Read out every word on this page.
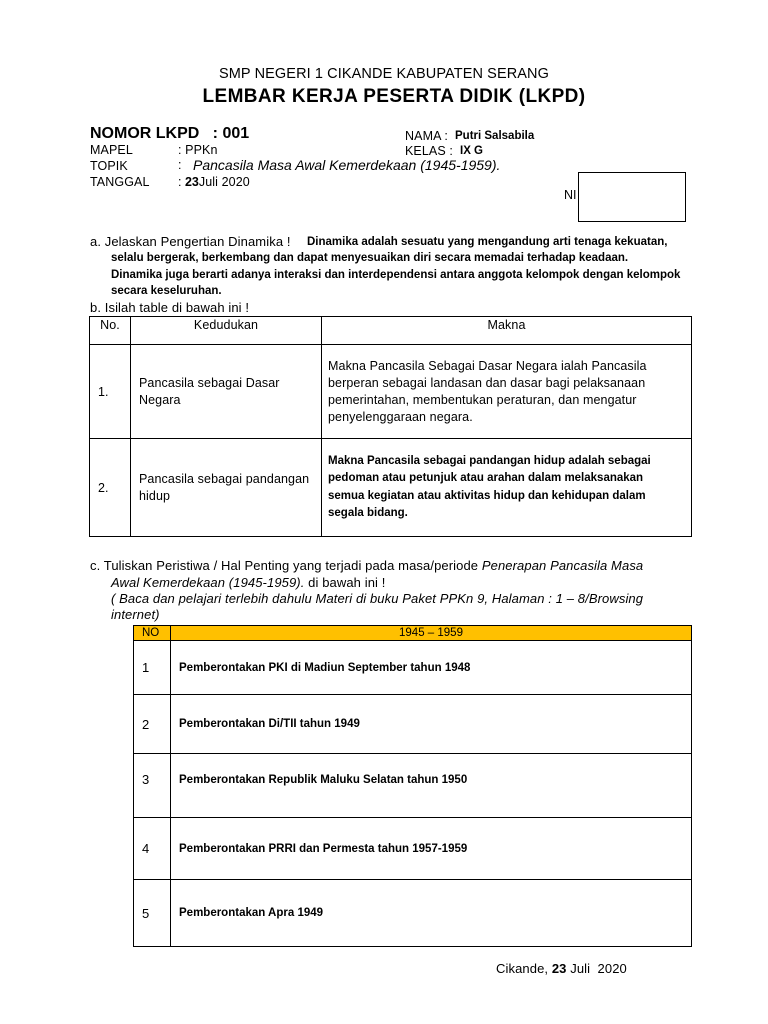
SMP NEGERI 1 CIKANDE KABUPATEN SERANG
LEMBAR KERJA PESERTA DIDIK (LKPD)
NOMOR LKPD   : 001
MAPEL	: PPKn
TOPIK	: Pancasila Masa Awal Kemerdekaan (1945-1959).
TANGGAL : 23Juli 2020
NAMA : Putri Salsabila
KELAS : IX G
NI
a. Jelaskan Pengertian Dinamika ! Dinamika adalah sesuatu yang mengandung arti tenaga kekuatan,
selalu bergerak, berkembang dan dapat menyesuaikan diri secara memadai terhadap keadaan.
Dinamika juga berarti adanya interaksi dan interdependensi antara anggota kelompok dengan kelompok
secara keseluruhan.
b. Isilah table di bawah ini !
No.	Kedudukan	Makna
1.	Pancasila sebagai Dasar Negara	Makna Pancasila Sebagai Dasar Negara ialah Pancasila berperan sebagai landasan dan dasar bagi pelaksanaan pemerintahan, membentukan peraturan, dan mengatur penyelenggaraan negara.
2.	Pancasila sebagai pandangan hidup	Makna Pancasila sebagai pandangan hidup adalah sebagai pedoman atau petunjuk atau arahan dalam melaksanakan semua kegiatan atau aktivitas hidup dan kehidupan dalam segala bidang.
c. Tuliskan Peristiwa / Hal Penting yang terjadi pada masa/periode Penerapan Pancasila Masa
Awal Kemerdekaan (1945-1959). di bawah ini !
( Baca dan pelajari terlebih dahulu Materi di buku Paket PPKn 9, Halaman : 1 – 8/Browsing internet)
NO	1945 – 1959
1	Pemberontakan PKI di Madiun September tahun 1948
2	Pemberontakan Di/TII tahun 1949
3	Pemberontakan Republik Maluku Selatan tahun 1950
4	Pemberontakan PRRI dan Permesta tahun 1957-1959
5	Pemberontakan Apra 1949
Cikande, 23 Juli  2020
